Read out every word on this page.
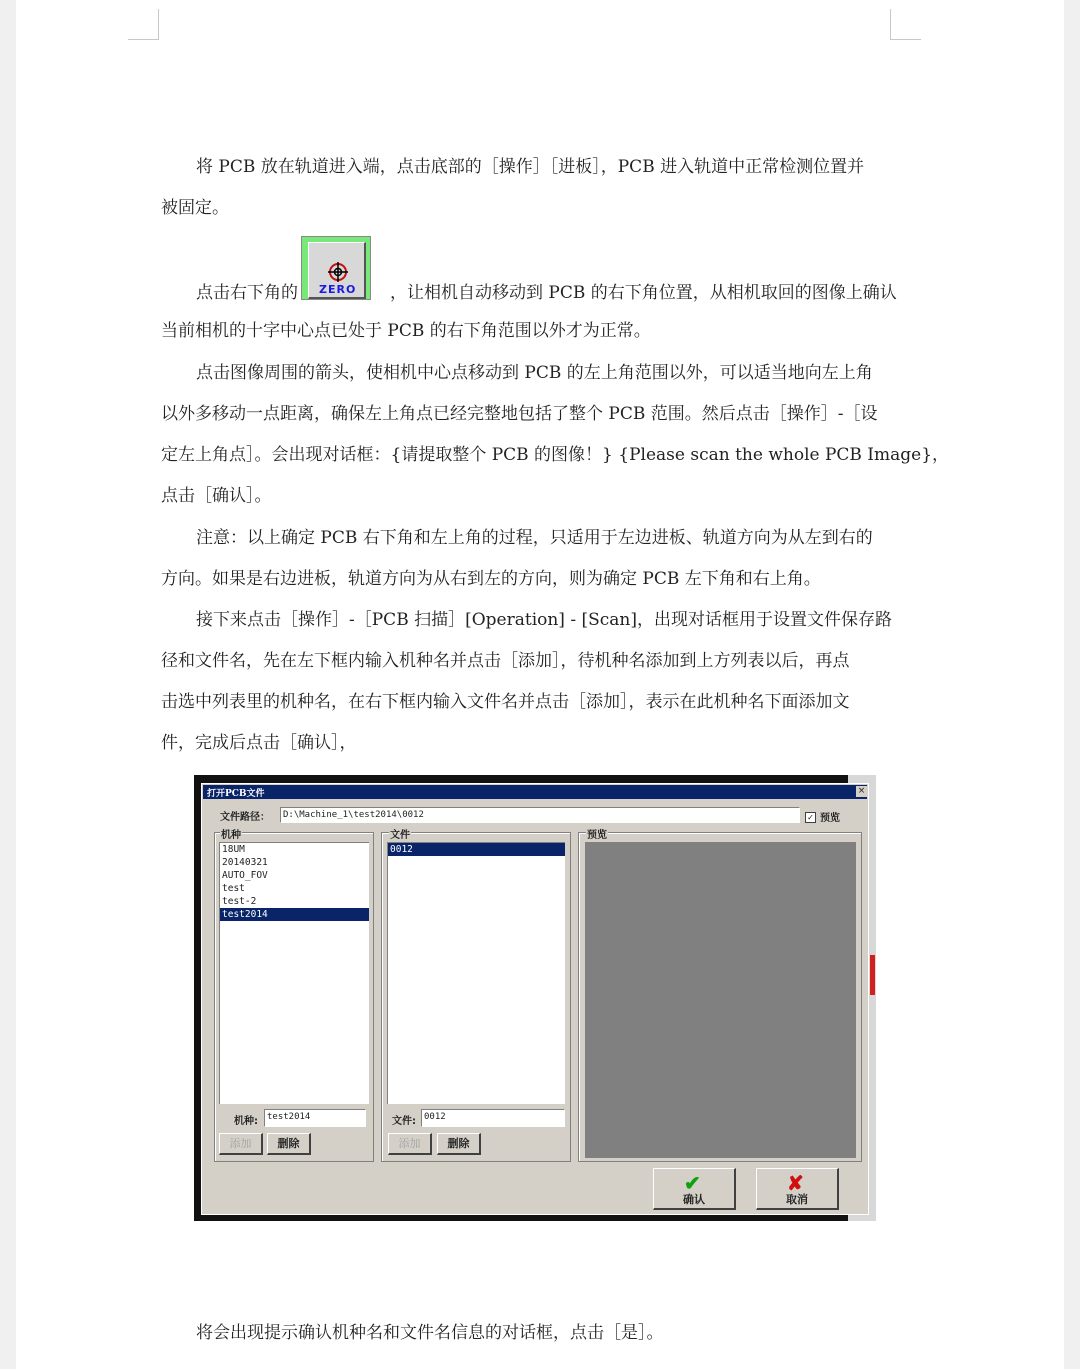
将 PCB 放在轨道进入端，点击底部的［操作］［进板］，PCB 进入轨道中正常检测位置并
被固定。
点击右下角的 ZERO ，让相机自动移动到 PCB 的右下角位置，从相机取回的图像上确认
当前相机的十字中心点已处于 PCB 的右下角范围以外才为正常。
点击图像周围的箭头，使相机中心点移动到 PCB 的左上角范围以外，可以适当地向左上角
以外多移动一点距离，确保左上角点已经完整地包括了整个 PCB 范围。然后点击［操作］-［设
定左上角点］。会出现对话框：{请提取整个 PCB 的图像！} {Please scan the whole PCB Image}，
点击［确认］。
注意：以上确定 PCB 右下角和左上角的过程，只适用于左边进板、轨道方向为从左到右的
方向。如果是右边进板，轨道方向为从右到左的方向，则为确定 PCB 左下角和右上角。
接下来点击［操作］-［PCB 扫描］[Operation] - [Scan]，出现对话框用于设置文件保存路
径和文件名，先在左下框内输入机种名并点击［添加］，待机种名添加到上方列表以后，再点
击选中列表里的机种名，在右下框内输入文件名并点击［添加］，表示在此机种名下面添加文
件，完成后点击［确认］，
打开PCB文件	×
文件路径：	D:\Machine_1\test2014\0012	✓ 预览
机种
18UM
20140321
AUTO_FOV
test
test-2
test2014
机种:	test2014
添加	删除
文件
0012
文件: 0012
添加	删除
预览
✔
确认
✘
取消
将会出现提示确认机种名和文件名信息的对话框，点击［是］。
